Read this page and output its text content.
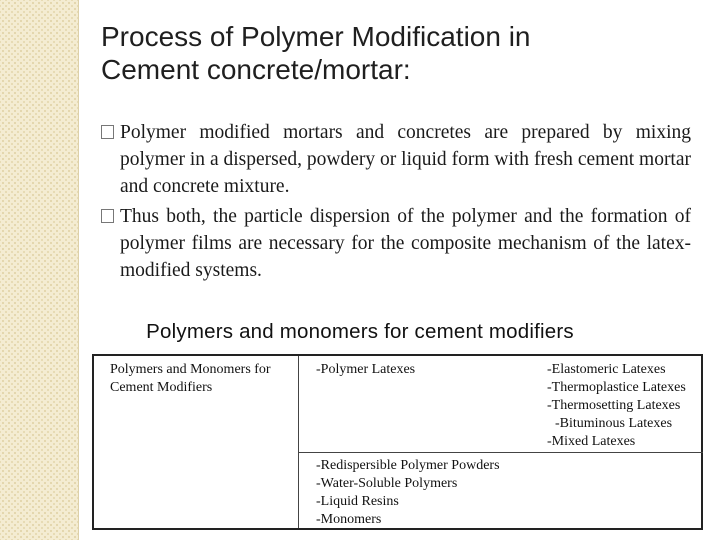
Process of Polymer Modification in
Cement concrete/mortar:
Polymer modified mortars and concretes are prepared by mixing polymer in a dispersed, powdery or liquid form with fresh cement mortar and concrete mixture.
Thus both, the particle dispersion of the polymer and the formation of polymer films are necessary for the composite mechanism of the latex-modified systems.
Polymers and monomers for cement modifiers
Polymers and Monomers for Cement Modifiers
-Polymer Latexes	-Elastomeric Latexes
-Thermoplastice Latexes
-Thermosetting Latexes
-Bituminous Latexes
-Mixed Latexes
-Redispersible Polymer Powders
-Water-Soluble Polymers
-Liquid Resins
-Monomers
